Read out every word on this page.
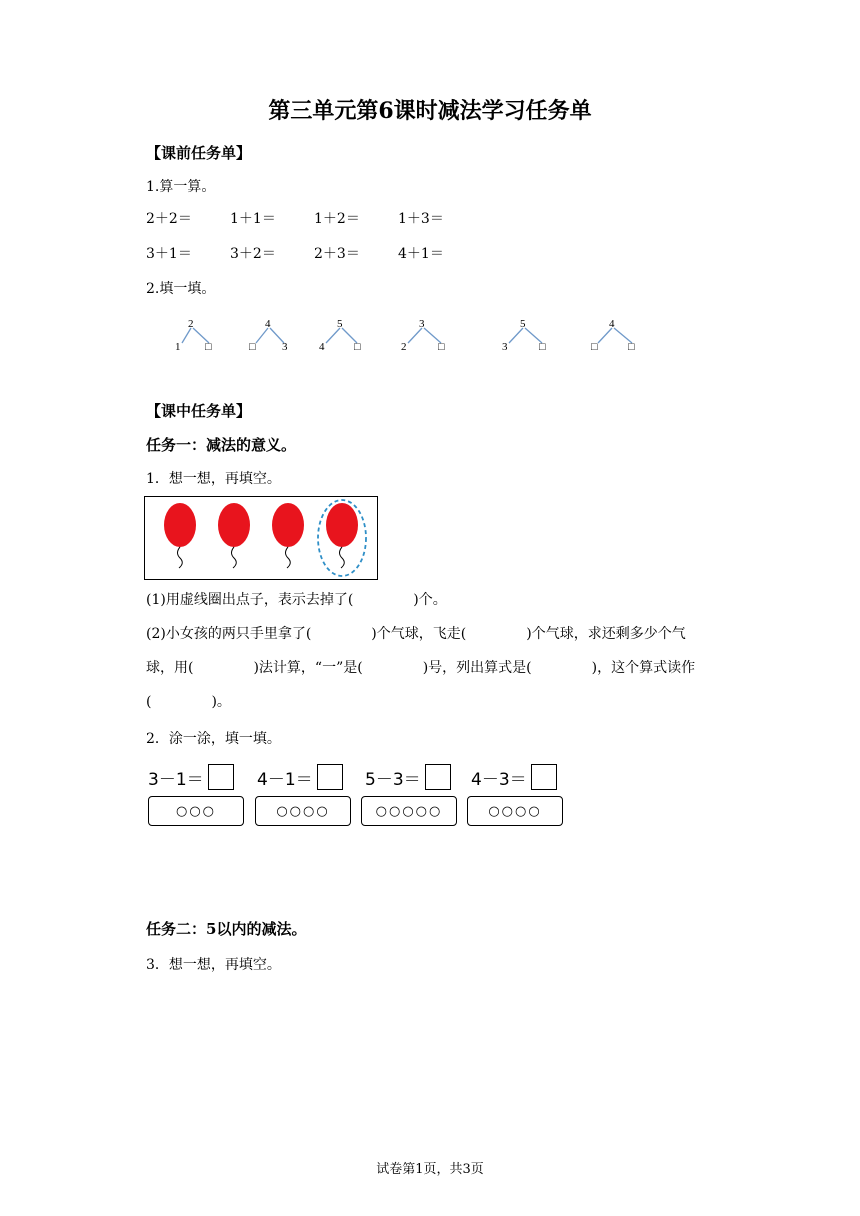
第三单元第6课时减法学习任务单
【课前任务单】
1.算一算。
2＋2＝	1＋1＝	1＋2＝	1＋3＝
3＋1＝	3＋2＝	2＋3＝	4＋1＝
2.填一填。
2
1 □
4
□ 3
5
4	□
3
2	□
5
3	□
4
□	□
【课中任务单】
任务一：减法的意义。
1．想一想，再填空。
(1)用虚线圈出点子，表示去掉了(	)个。
(2)小女孩的两只手里拿了(	)个气球，飞走(	)个气球，求还剩多少个气
球，用(	)法计算，“一”是(	)号，列出算式是(	)，这个算式读作
(	)。
2．涂一涂，填一填。
3－1＝	4－1＝	5－3＝	4－3＝
○○○	○○○○	○○○○○	○○○○
任务二：5以内的减法。
3．想一想，再填空。
试卷第1页，共3页
